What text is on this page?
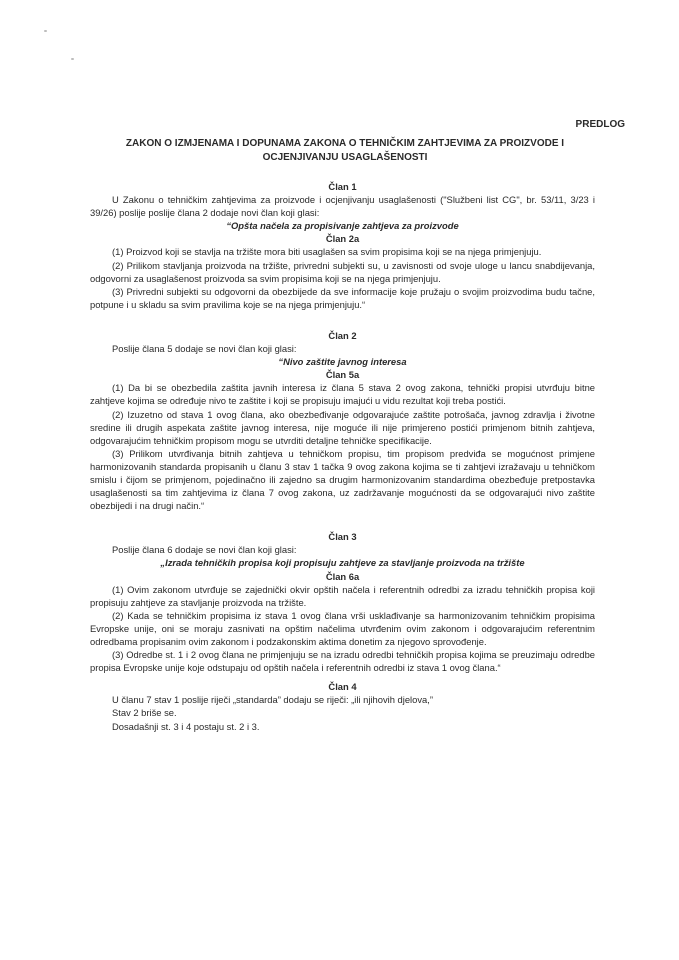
PREDLOG
ZAKON O IZMJENAMA I DOPUNAMA ZAKONA O TEHNIČKIM ZAHTJEVIMA ZA PROIZVODE I OCJENJIVANJU USAGLAŠENOSTI

Član 1

U Zakonu o tehničkim zahtjevima za proizvode i ocjenjivanju usaglašenosti ("Službeni list CG", br. 53/11, 3/23 i 39/26) poslije poslije člana 2 dodaje novi član koji glasi:

“Opšta načela za propisivanje zahtjeva za proizvode

Član 2a

(1) Proizvod koji se stavlja na tržište mora biti usaglašen sa svim propisima koji se na njega primjenjuju.

(2) Prilikom stavljanja proizvoda na tržište, privredni subjekti su, u zavisnosti od svoje uloge u lancu snabdijevanja, odgovorni za usaglašenost proizvoda sa svim propisima koji se na njega primjenjuju.

(3) Privredni subjekti su odgovorni da obezbijede da sve informacije koje pružaju o svojim proizvodima budu tačne, potpune i u skladu sa svim pravilima koje se na njega primjenjuju.“

Član 2

Poslije člana 5 dodaje se novi član koji glasi:

“Nivo zaštite javnog interesa

Član 5a

(1) Da bi se obezbedila zaštita javnih interesa iz člana 5 stava 2 ovog zakona, tehnički propisi utvrđuju bitne zahtjeve kojima se određuje nivo te zaštite i koji se propisuju imajući u vidu rezultat koji treba postići.

(2) Izuzetno od stava 1 ovog člana, ako obezbeđivanje odgovarajuće zaštite potrošača, javnog zdravlja i životne sredine ili drugih aspekata zaštite javnog interesa, nije moguće ili nije primjereno postići primjenom bitnih zahtjeva, odgovarajućim tehničkim propisom mogu se utvrditi detaljne tehničke specifikacije.

(3) Prilikom utvrđivanja bitnih zahtjeva u tehničkom propisu, tim propisom predviđa se mogućnost primjene harmonizovanih standarda propisanih u članu 3 stav 1 tačka 9 ovog zakona kojima se ti zahtjevi izražavaju u tehničkom smislu i čijom se primjenom, pojedinačno ili zajedno sa drugim harmonizovanim standardima obezbeđuje pretpostavka usaglašenosti sa tim zahtjevima iz člana 7 ovog zakona, uz zadržavanje mogućnosti da se odgovarajući nivo zaštite obezbijedi i na drugi način.“

Član 3

Poslije člana 6 dodaje se novi član koji glasi:

„Izrada tehničkih propisa koji propisuju zahtjeve za stavljanje proizvoda na tržište

Član 6a

(1) Ovim zakonom utvrđuje se zajednički okvir opštih načela i referentnih odredbi za izradu tehničkih propisa koji propisuju zahtjeve za stavljanje proizvoda na tržište.

(2) Kada se tehničkim propisima iz stava 1 ovog člana vrši usklađivanje sa harmonizovanim tehničkim propisima Evropske unije, oni se moraju zasnivati na opštim načelima utvrđenim ovim zakonom i odgovarajućim referentnim odredbama propisanim ovim zakonom i podzakonskim aktima donetim za njegovo sprovođenje.

(3) Odredbe st. 1 i 2 ovog člana ne primjenjuju se na izradu odredbi tehničkih propisa kojima se preuzimaju odredbe propisa Evropske unije koje odstupaju od opštih načela i referentnih odredbi iz stava 1 ovog člana.“

Član 4

U članu 7 stav 1 poslije riječi „standarda” dodaju se riječi: „ili njihovih djelova,”

Stav 2 briše se.

Dosadašnji st. 3 i 4 postaju st. 2 i 3.
